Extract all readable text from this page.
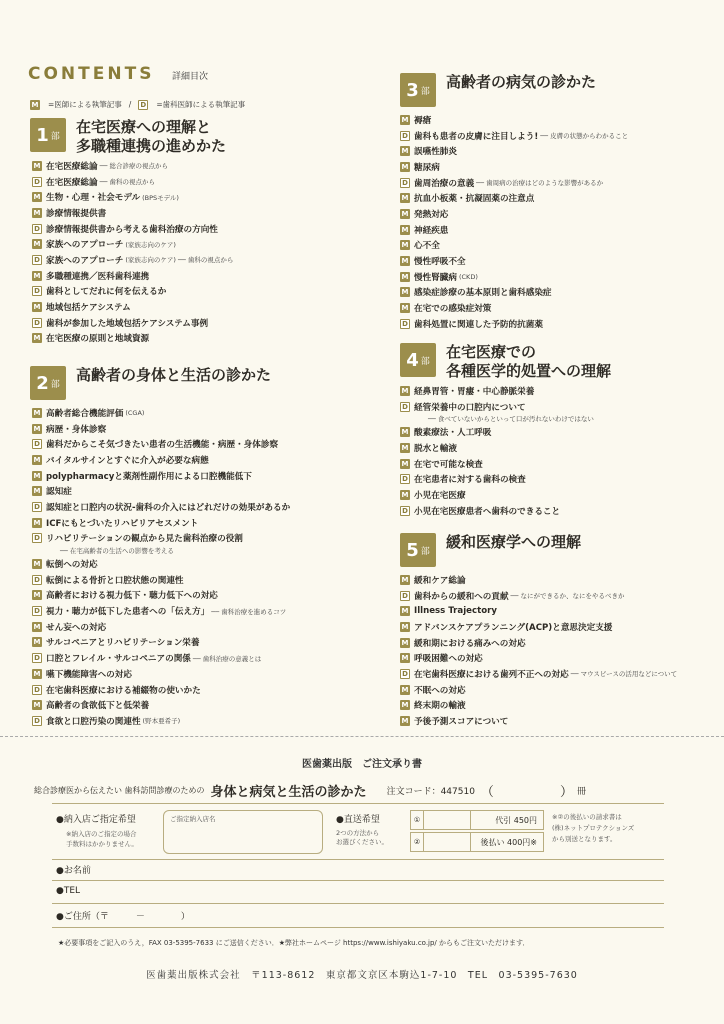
CONTENTS 詳細目次
M =医師による執筆記事 / D =歯科医師による執筆記事
1 部
在宅医療への理解と
多職種連携の進めかた
M 在宅医療総論 ── 総合診療の視点から
D 在宅医療総論 ── 歯科の視点から
M 生物・心理・社会モデル (BPSモデル)
M 診療情報提供書
D 診療情報提供書から考える歯科治療の方向性
M 家族へのアプローチ (家族志向のケア)
D 家族へのアプローチ (家族志向のケア) ── 歯科の視点から
M 多職種連携／医科歯科連携
D 歯科としてだれに何を伝えるか
M 地域包括ケアシステム
D 歯科が参加した地域包括ケアシステム事例
M 在宅医療の原則と地域資源
2 部
高齢者の身体と生活の診かた
M 高齢者総合機能評価 (CGA)
M 病歴・身体診察
D 歯科だからこそ気づきたい患者の生活機能・病歴・身体診察
M バイタルサインとすぐに介入が必要な病態
M polypharmacyと薬剤性副作用による口腔機能低下
M 認知症
D 認知症と口腔内の状況-歯科の介入にはどれだけの効果があるか
M ICFにもとづいたリハビリアセスメント
D リハビリテーションの観点から見た歯科治療の役割
── 在宅高齢者の生活への影響を考える
M 転倒への対応
D 転倒による骨折と口腔状態の関連性
M 高齢者における視力低下・聴力低下への対応
D 視力・聴力が低下した患者への「伝え方」 ── 歯科治療を進めるコツ
M せん妄への対応
M サルコペニアとリハビリテーション栄養
D 口腔とフレイル・サルコペニアの関係 ── 歯科治療の意義とは
M 嚥下機能障害への対応
D 在宅歯科医療における補綴物の使いかた
M 高齢者の食欲低下と低栄養
D 食欲と口腔汚染の関連性 (野本亜希子)
3 部
高齢者の病気の診かた
M 褥瘡
D 歯科も患者の皮膚に注目しよう! ── 皮膚の状態からわかること
M 誤嚥性肺炎
M 糖尿病
D 歯周治療の意義 ── 歯周病の治療はどのような影響があるか
M 抗血小板薬・抗凝固薬の注意点
M 発熱対応
M 神経疾患
M 心不全
M 慢性呼吸不全
M 慢性腎臓病 (CKD)
M 感染症診療の基本原則と歯科感染症
M 在宅での感染症対策
D 歯科処置に関連した予防的抗菌薬
4 部
在宅医療での
各種医学的処置への理解
M 経鼻胃管・胃瘻・中心静脈栄養
D 経管栄養中の口腔内について
── 食べていないからといって口が汚れないわけではない
M 酸素療法・人工呼吸
M 脱水と輸液
M 在宅で可能な検査
D 在宅患者に対する歯科の検査
M 小児在宅医療
D 小児在宅医療患者へ歯科のできること
5 部
緩和医療学への理解
M 緩和ケア総論
D 歯科からの緩和への貢献 ── なにができるか、なにをやるべきか
M Illness Trajectory
M アドバンスケアプランニング(ACP)と意思決定支援
M 緩和期における痛みへの対応
M 呼吸困難への対応
D 在宅歯科医療における歯列不正への対応 ── マウスピースの活用などについて
M 不眠への対応
M 終末期の輸液
M 予後予測スコアについて
医歯薬出版　ご注文承り書
総合診療医から伝えたい 歯科訪問診療のための 身体と病気と生活の診かた 注文コード：447510 （	） 冊
●納入店ご指定希望
※納入店のご指定の場合
手数料はかかりません。
ご指定納入店名	●直送希望
2つの方法から
お選びください。
①	代引 450円
②	後払い 400円※
※②の後払いの請求書は
(株)ネットプロテクションズ
から別送となります。
●お名前
●TEL
●ご住所（〒　　　－　　　　）
★必要事項をご記入のうえ，FAX 03-5395-7633 にご送信ください．★弊社ホームページ https://www.ishiyaku.co.jp/ からもご注文いただけます．
医歯薬出版株式会社　〒113-8612　東京都文京区本駒込1-7-10　TEL　03-5395-7630
